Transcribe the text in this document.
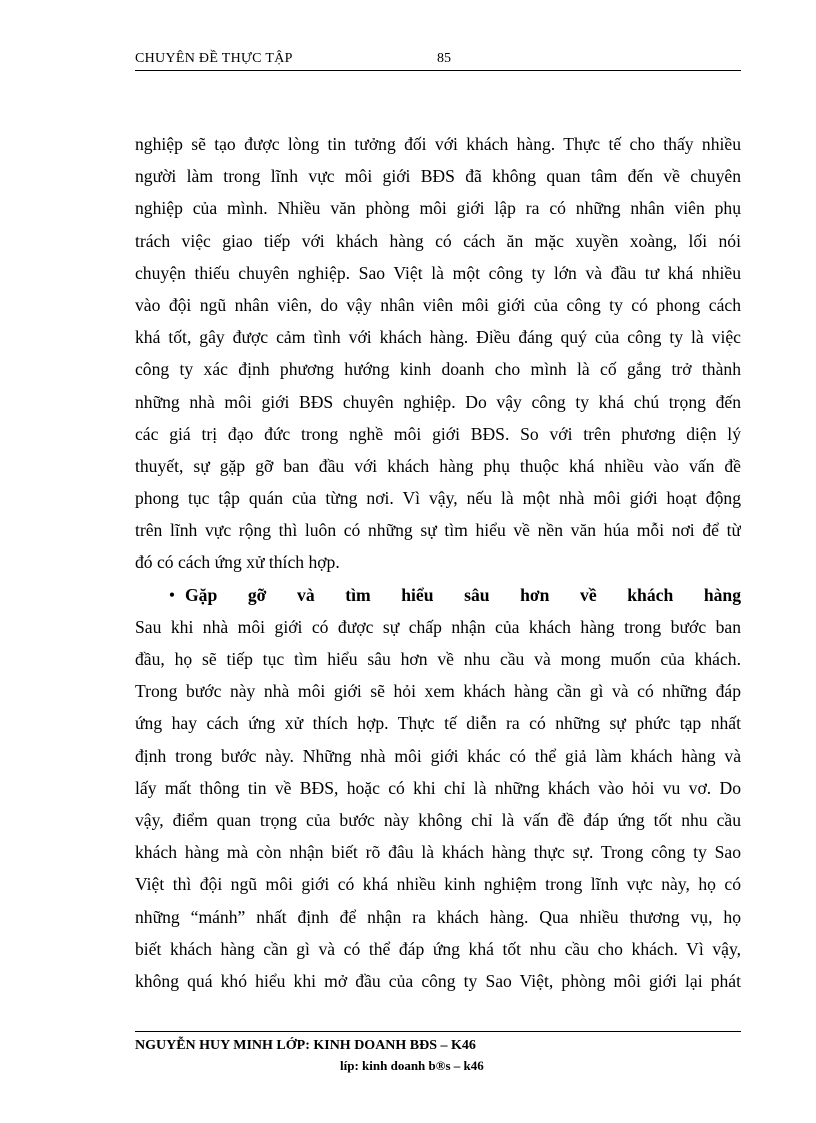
CHUYÊN ĐỀ THỰC TẬP	85
nghiệp sẽ tạo được lòng tin tưởng đối với khách hàng. Thực tế cho thấy nhiều
người làm trong lĩnh vực môi giới BĐS đã không quan tâm đến về chuyên
nghiệp của mình. Nhiều văn phòng môi giới lập ra có những nhân viên phụ
trách việc giao tiếp với khách hàng có cách ăn mặc xuyền xoàng, lối nói
chuyện thiếu chuyên nghiệp. Sao Việt là một công ty lớn và đầu tư khá nhiều
vào đội ngũ nhân viên, do vậy nhân viên môi giới của công ty có phong cách
khá tốt, gây được cảm tình với khách hàng. Điều đáng quý của công ty là việc
công ty xác định phương hướng kinh doanh cho mình là cố gắng trở thành
những nhà môi giới BĐS chuyên nghiệp. Do vậy công ty khá chú trọng đến
các giá trị đạo đức trong nghề môi giới BĐS. So với trên phương diện lý
thuyết, sự gặp gỡ ban đầu với khách hàng phụ thuộc khá nhiều vào vấn đề
phong tục tập quán của từng nơi. Vì vậy, nếu là một nhà môi giới hoạt động
trên lĩnh vực rộng thì luôn có những sự tìm hiểu về nền văn húa mỗi nơi để từ
đó có cách ứng xử thích hợp.
• Gặp gỡ và tìm hiểu sâu hơn về khách hàng
Sau khi nhà môi giới có được sự chấp nhận của khách hàng trong bước ban
đầu, họ sẽ tiếp tục tìm hiểu sâu hơn về nhu cầu và mong muốn của khách.
Trong bước này nhà môi giới sẽ hỏi xem khách hàng cần gì và có những đáp
ứng hay cách ứng xử thích hợp. Thực tế diễn ra có những sự phức tạp nhất
định trong bước này. Những nhà môi giới khác có thể giả làm khách hàng và
lấy mất thông tin về BĐS, hoặc có khi chỉ là những khách vào hỏi vu vơ. Do
vậy, điểm quan trọng của bước này không chỉ là vấn đề đáp ứng tốt nhu cầu
khách hàng mà còn nhận biết rõ đâu là khách hàng thực sự. Trong công ty Sao
Việt thì đội ngũ môi giới có khá nhiều kinh nghiệm trong lĩnh vực này, họ có
những “mánh” nhất định để nhận ra khách hàng. Qua nhiều thương vụ, họ
biết khách hàng cần gì và có thể đáp ứng khá tốt nhu cầu cho khách. Vì vậy,
không quá khó hiểu khi mở đầu của công ty Sao Việt, phòng môi giới lại phát
NGUYỄN HUY MINH LỚP: KINH DOANH BĐS – K46
líp: kinh doanh b®s – k46
